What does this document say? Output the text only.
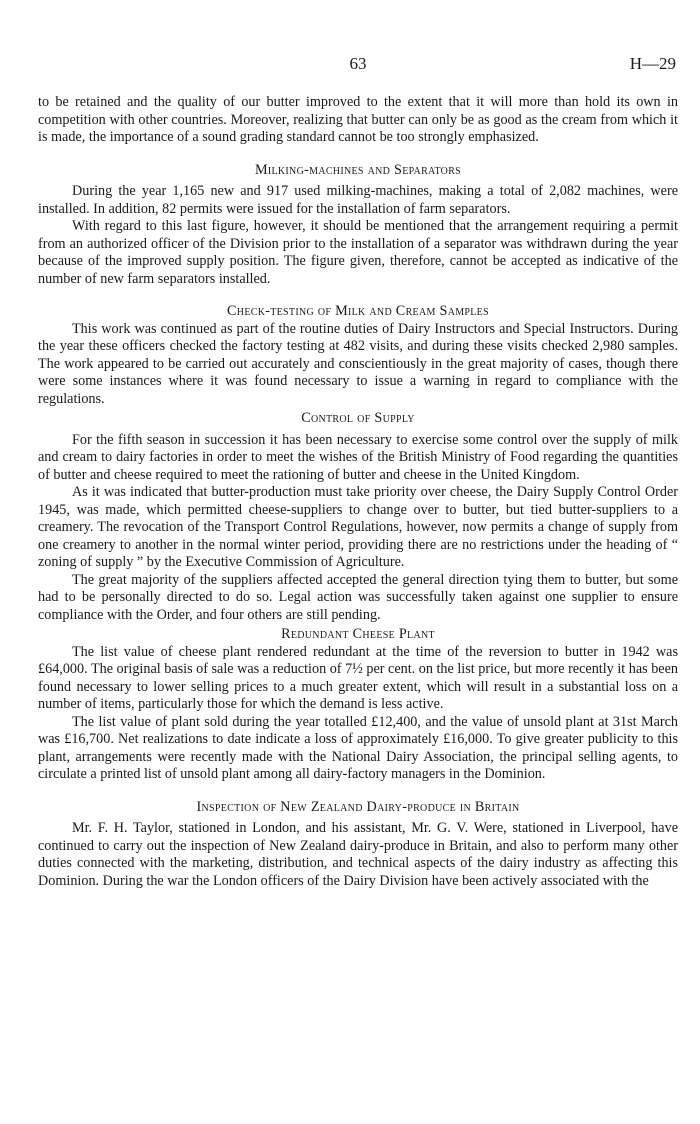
63	H—29

to be retained and the quality of our butter improved to the extent that it will more than hold its own in competition with other countries. Moreover, realizing that butter can only be as good as the cream from which it is made, the importance of a sound grading standard cannot be too strongly emphasized.

Milking-machines and Separators

During the year 1,165 new and 917 used milking-machines, making a total of 2,082 machines, were installed. In addition, 82 permits were issued for the installation of farm separators.

With regard to this last figure, however, it should be mentioned that the arrangement requiring a permit from an authorized officer of the Division prior to the installation of a separator was withdrawn during the year because of the improved supply position. The figure given, therefore, cannot be accepted as indicative of the number of new farm separators installed.

Check-testing of Milk and Cream Samples

This work was continued as part of the routine duties of Dairy Instructors and Special Instructors. During the year these officers checked the factory testing at 482 visits, and during these visits checked 2,980 samples. The work appeared to be carried out accurately and conscientiously in the great majority of cases, though there were some instances where it was found necessary to issue a warning in regard to compliance with the regulations.

Control of Supply

For the fifth season in succession it has been necessary to exercise some control over the supply of milk and cream to dairy factories in order to meet the wishes of the British Ministry of Food regarding the quantities of butter and cheese required to meet the rationing of butter and cheese in the United Kingdom.

As it was indicated that butter-production must take priority over cheese, the Dairy Supply Control Order 1945, was made, which permitted cheese-suppliers to change over to butter, but tied butter-suppliers to a creamery. The revocation of the Transport Control Regulations, however, now permits a change of supply from one creamery to another in the normal winter period, providing there are no restrictions under the heading of “ zoning of supply ” by the Executive Commission of Agriculture.

The great majority of the suppliers affected accepted the general direction tying them to butter, but some had to be personally directed to do so. Legal action was successfully taken against one supplier to ensure compliance with the Order, and four others are still pending.

Redundant Cheese Plant

The list value of cheese plant rendered redundant at the time of the reversion to butter in 1942 was £64,000. The original basis of sale was a reduction of 7½ per cent. on the list price, but more recently it has been found necessary to lower selling prices to a much greater extent, which will result in a substantial loss on a number of items, particularly those for which the demand is less active.

The list value of plant sold during the year totalled £12,400, and the value of unsold plant at 31st March was £16,700. Net realizations to date indicate a loss of approximately £16,000. To give greater publicity to this plant, arrangements were recently made with the National Dairy Association, the principal selling agents, to circulate a printed list of unsold plant among all dairy-factory managers in the Dominion.

Inspection of New Zealand Dairy-produce in Britain

Mr. F. H. Taylor, stationed in London, and his assistant, Mr. G. V. Were, stationed in Liverpool, have continued to carry out the inspection of New Zealand dairy-produce in Britain, and also to perform many other duties connected with the marketing, distribution, and technical aspects of the dairy industry as affecting this Dominion. During the war the London officers of the Dairy Division have been actively associated with the
